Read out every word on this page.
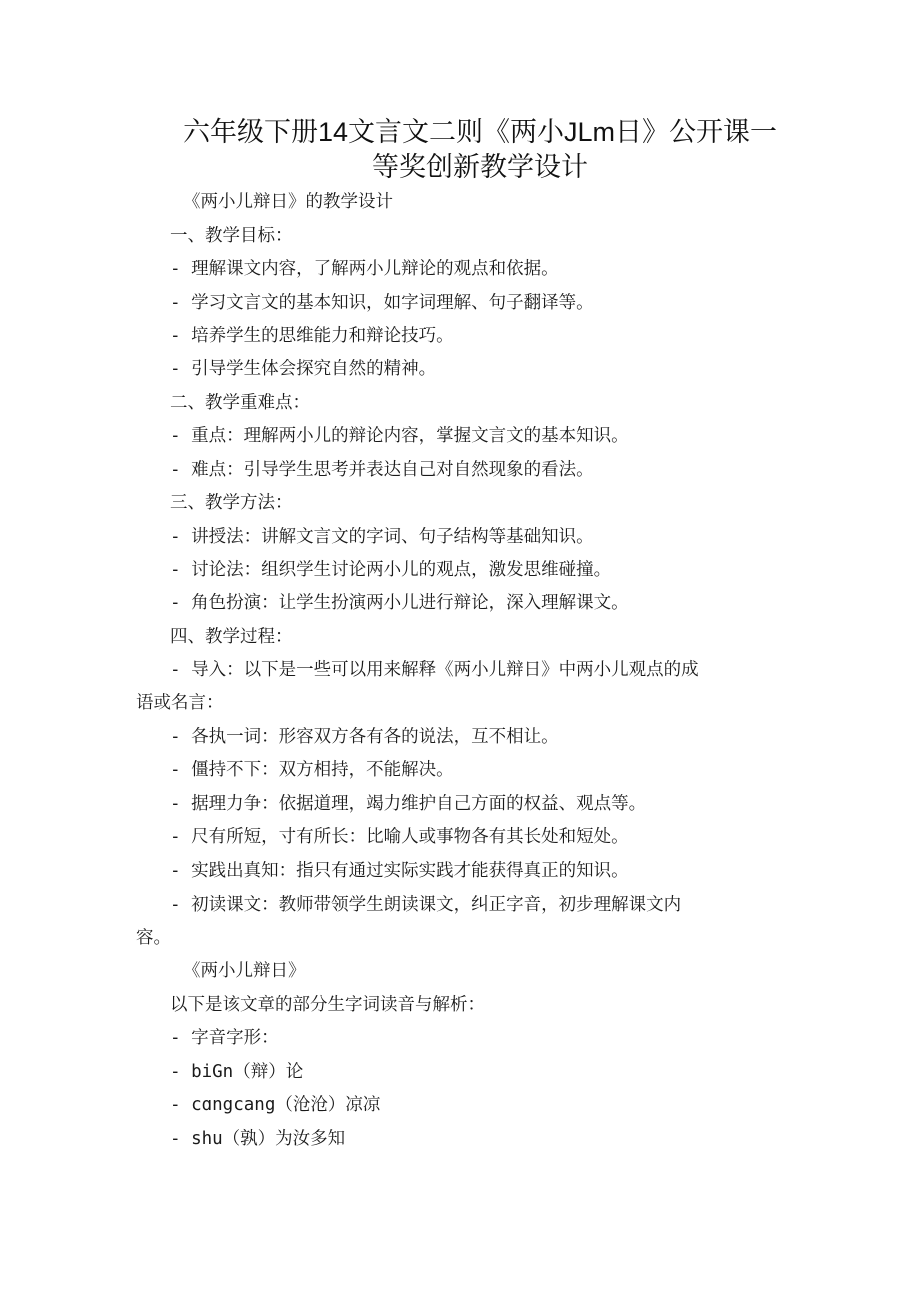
六年级下册14文言文二则《两小JLm日》公开课一
等奖创新教学设计
《两小儿辩日》的教学设计
一、教学目标：
- 理解课文内容，了解两小儿辩论的观点和依据。
- 学习文言文的基本知识，如字词理解、句子翻译等。
- 培养学生的思维能力和辩论技巧。
- 引导学生体会探究自然的精神。
二、教学重难点：
- 重点：理解两小儿的辩论内容，掌握文言文的基本知识。
- 难点：引导学生思考并表达自己对自然现象的看法。
三、教学方法：
- 讲授法：讲解文言文的字词、句子结构等基础知识。
- 讨论法：组织学生讨论两小儿的观点，激发思维碰撞。
- 角色扮演：让学生扮演两小儿进行辩论，深入理解课文。
四、教学过程：
- 导入：以下是一些可以用来解释《两小儿辩日》中两小儿观点的成
语或名言：
- 各执一词：形容双方各有各的说法，互不相让。
- 僵持不下：双方相持，不能解决。
- 据理力争：依据道理，竭力维护自己方面的权益、观点等。
- 尺有所短，寸有所长：比喻人或事物各有其长处和短处。
- 实践出真知：指只有通过实际实践才能获得真正的知识。
- 初读课文：教师带领学生朗读课文，纠正字音，初步理解课文内
容。
《两小儿辩日》
以下是该文章的部分生字词读音与解析：
- 字音字形：
- biGn（辩）论
- cɑngcang（沧沧）凉凉
- shu（孰）为汝多知
